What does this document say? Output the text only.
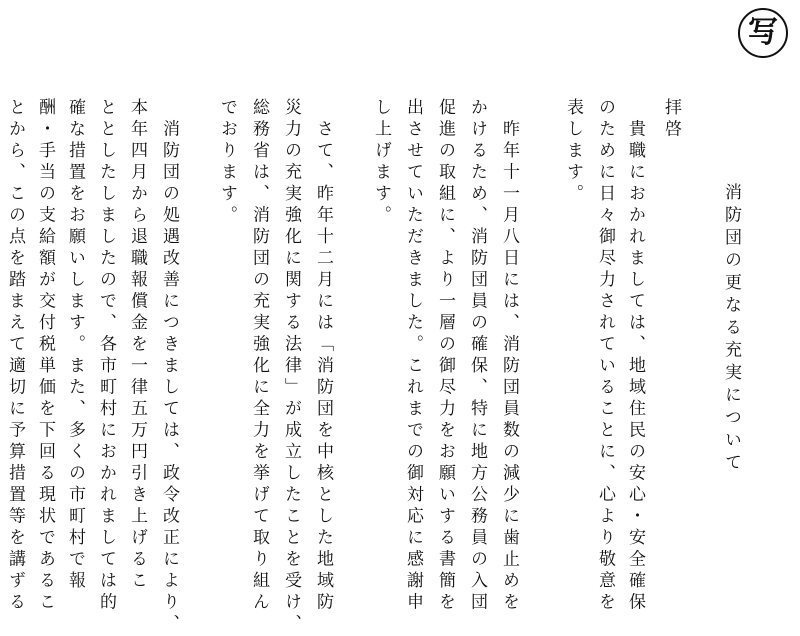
写
消防団の更なる充実について
拝啓
　貴職におかれましては、地域住民の安心・安全確保
のために日々御尽力されていることに、心より敬意を
表します。
　昨年十一月八日には、消防団員数の減少に歯止めを
かけるため、消防団員の確保、特に地方公務員の入団
促進の取組に、より一層の御尽力をお願いする書簡を
出させていただきました。これまでの御対応に感謝申
し上げます。
　さて、昨年十二月には「消防団を中核とした地域防
災力の充実強化に関する法律」が成立したことを受け、
総務省は、消防団の充実強化に全力を挙げて取り組ん
でおります。
　消防団の処遇改善につきましては、政令改正により、
本年四月から退職報償金を一律五万円引き上げるこ
ととしたしましたので、各市町村におかれましては的
確な措置をお願いします。また、多くの市町村で報
酬・手当の支給額が交付税単価を下回る現状であるこ
とから、この点を踏まえて適切に予算措置等を講ずる
